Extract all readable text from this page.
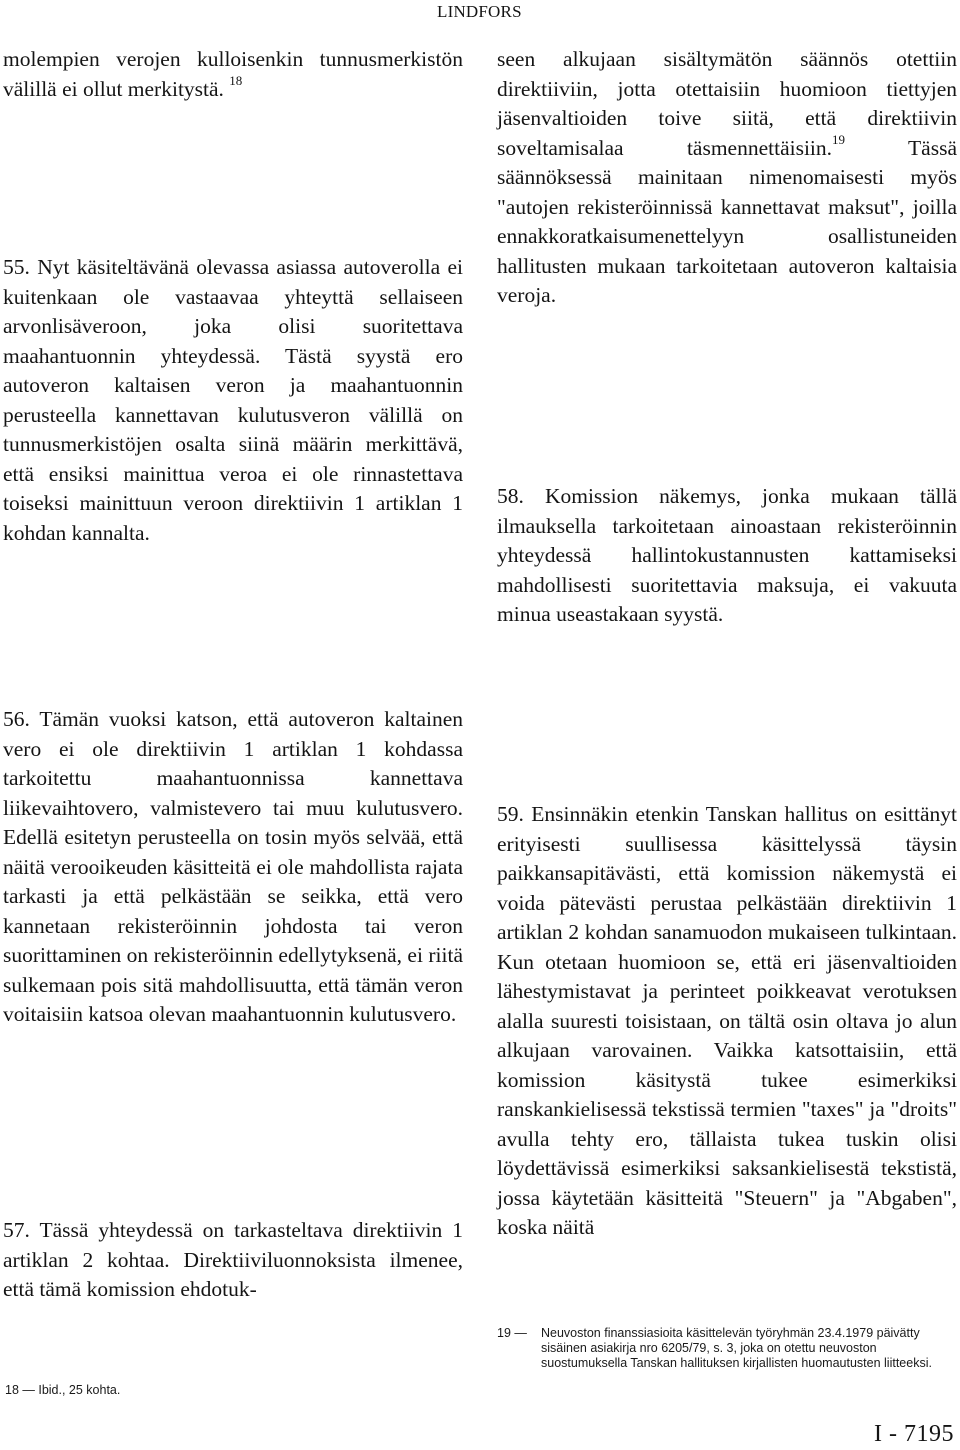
LINDFORS

molempien verojen kulloisenkin tunnusmerkistön välillä ei ollut merkitystä. $^{18}$

55. Nyt käsiteltävänä olevassa asiassa autoverolla ei kuitenkaan ole vastaavaa yhteyttä sellaiseen arvonlisäveroon, joka olisi suoritettava maahantuonnin yhteydessä. Tästä syystä ero autoveron kaltaisen veron ja maahantuonnin perusteella kannettavan kulutusveron välillä on tunnusmerkistöjen osalta siinä määrin merkittävä, että ensiksi mainittua veroa ei ole rinnastettava toiseksi mainittuun veroon direktiivin 1 artiklan 1 kohdan kannalta.

56. Tämän vuoksi katson, että autoveron kaltainen vero ei ole direktiivin 1 artiklan 1 kohdassa tarkoitettu maahantuonnissa kannettava liikevaihtovero, valmistevero tai muu kulutusvero. Edellä esitetyn perusteella on tosin myös selvää, että näitä verooikeuden käsitteitä ei ole mahdollista rajata tarkasti ja että pelkästään se seikka, että vero kannetaan rekisteröinnin johdosta tai veron suorittaminen on rekisteröinnin edellytyksenä, ei riitä sulkemaan pois sitä mahdollisuutta, että tämän veron voitaisiin katsoa olevan maahantuonnin kulutusvero.

57. Tässä yhteydessä on tarkasteltava direktiivin 1 artiklan 2 kohtaa. Direktiiviluonnoksista ilmenee, että tämä komission ehdotuk-

seen alkujaan sisältymätön säännös otettiin direktiiviin, jotta otettaisiin huomioon tiettyjen jäsenvaltioiden toive siitä, että direktiivin soveltamisalaa täsmennettäisiin.$^{19}$ Tässä säännöksessä mainitaan nimenomaisesti myös "autojen rekisteröinnissä kannettavat maksut", joilla ennakkoratkaisumenettelyyn osallistuneiden hallitusten mukaan tarkoitetaan autoveron kaltaisia veroja.

58. Komission näkemys, jonka mukaan tällä ilmauksella tarkoitetaan ainoastaan rekisteröinnin yhteydessä hallintokustannusten kattamiseksi mahdollisesti suoritettavia maksuja, ei vakuuta minua useastakaan syystä.

59. Ensinnäkin etenkin Tanskan hallitus on esittänyt erityisesti suullisessa käsittelyssä täysin paikkansapitävästi, että komission näkemystä ei voida pätevästi perustaa pelkästään direktiivin 1 artiklan 2 kohdan sanamuodon mukaiseen tulkintaan. Kun otetaan huomioon se, että eri jäsenvaltioiden lähestymistavat ja perinteet poikkeavat verotuksen alalla suuresti toisistaan, on tältä osin oltava jo alun alkujaan varovainen. Vaikka katsottaisiin, että komission käsitystä tukee esimerkiksi ranskankielisessä tekstissä termien "taxes" ja "droits" avulla tehty ero, tällaista tukea tuskin olisi löydettävissä esimerkiksi saksankielisestä tekstistä, jossa käytetään käsitteitä "Steuern" ja "Abgaben", koska näitä

19 — Neuvoston finanssiasioita käsittelevän työryhmän 23.4.1979 päivätty sisäinen asiakirja nro 6205/79, s. 3, joka on otettu neuvoston suostumuksella Tanskan hallituksen kirjallisten huomautusten liitteeksi.
18 — Ibid., 25 kohta.
I - 7195
